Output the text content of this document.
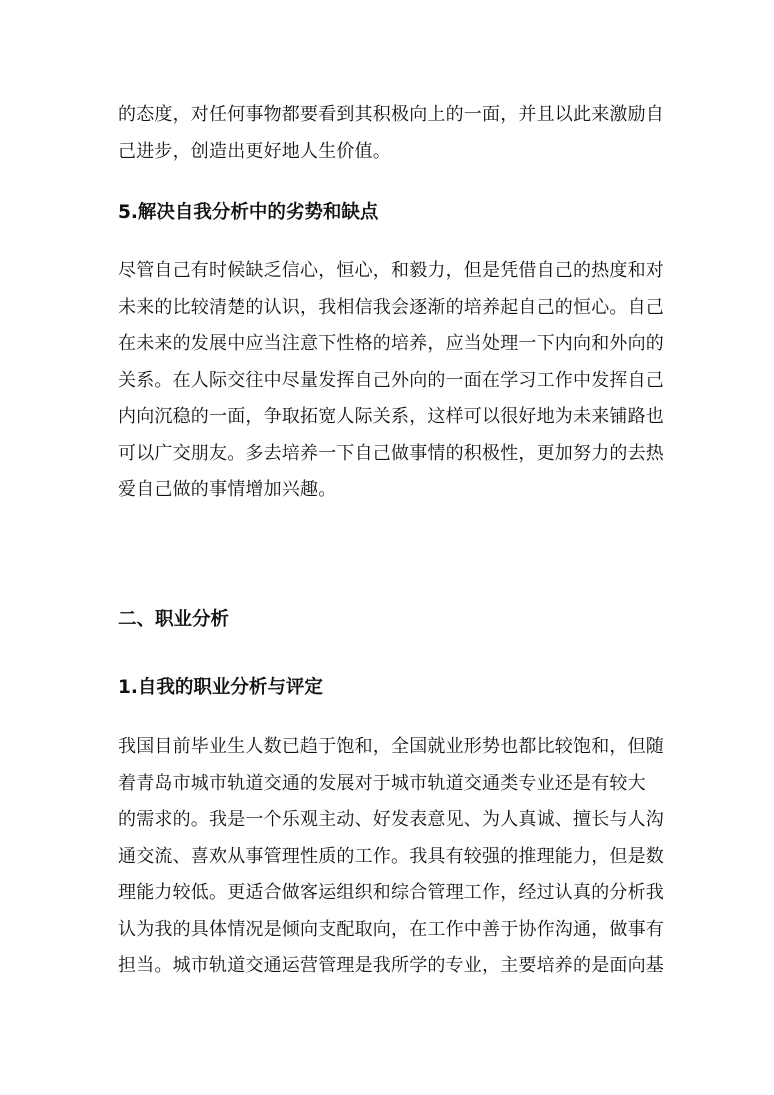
的态度，对任何事物都要看到其积极向上的一面，并且以此来激励自
己进步，创造出更好地人生价值。

5.解决自我分析中的劣势和缺点

尽管自己有时候缺乏信心，恒心，和毅力，但是凭借自己的热度和对
未来的比较清楚的认识，我相信我会逐渐的培养起自己的恒心。自己
在未来的发展中应当注意下性格的培养，应当处理一下内向和外向的
关系。在人际交往中尽量发挥自己外向的一面在学习工作中发挥自己
内向沉稳的一面，争取拓宽人际关系，这样可以很好地为未来铺路也
可以广交朋友。多去培养一下自己做事情的积极性，更加努力的去热
爱自己做的事情增加兴趣。

二、职业分析
1.自我的职业分析与评定

我国目前毕业生人数已趋于饱和，全国就业形势也都比较饱和，但随
着青岛市城市轨道交通的发展对于城市轨道交通类专业还是有较大
的需求的。我是一个乐观主动、好发表意见、为人真诚、擅长与人沟
通交流、喜欢从事管理性质的工作。我具有较强的推理能力，但是数
理能力较低。更适合做客运组织和综合管理工作，经过认真的分析我
认为我的具体情况是倾向支配取向，在工作中善于协作沟通，做事有
担当。城市轨道交通运营管理是我所学的专业，主要培养的是面向基
